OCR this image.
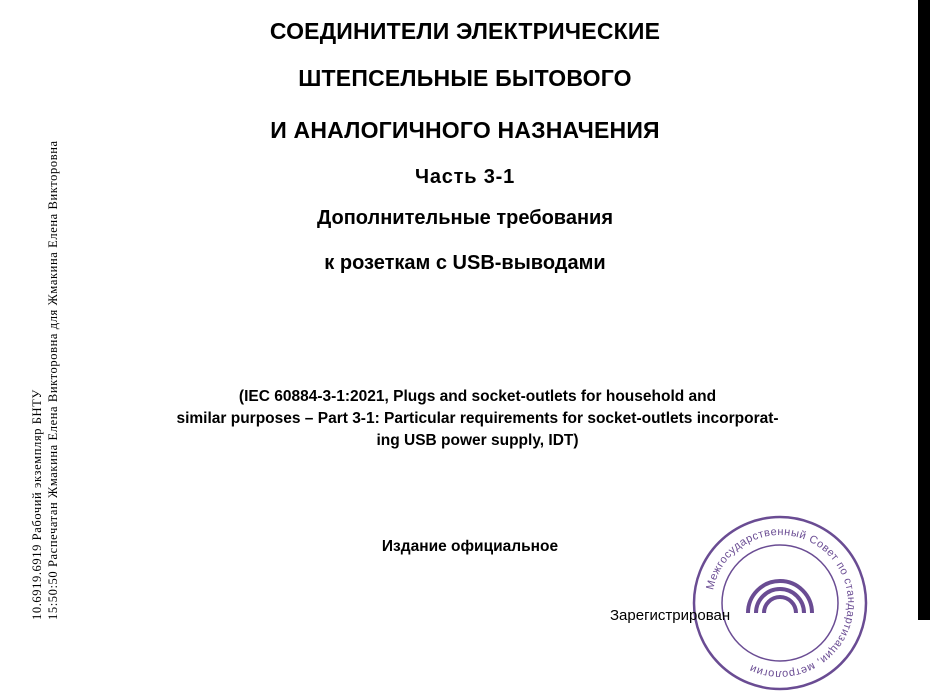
10.6919.6919 Рабочий экземпляр БНТУ 15:50:50 Распечатан Жмакина Елена Викторовна для Жмакина Елена Викторовна
СОЕДИНИТЕЛИ ЭЛЕКТРИЧЕСКИЕ
ШТЕПСЕЛЬНЫЕ БЫТОВОГО
И АНАЛОГИЧНОГО НАЗНАЧЕНИЯ
Часть 3-1
Дополнительные требования
к розеткам с USB-выводами
(IEC 60884-3-1:2021, Plugs and socket-outlets for household and
similar purposes – Part 3-1: Particular requirements for socket-outlets incorporat-
ing USB power supply, IDT)
Издание официальное
Межгосударственный Совет по стандартизации, метрологии
Зарегистрирован
